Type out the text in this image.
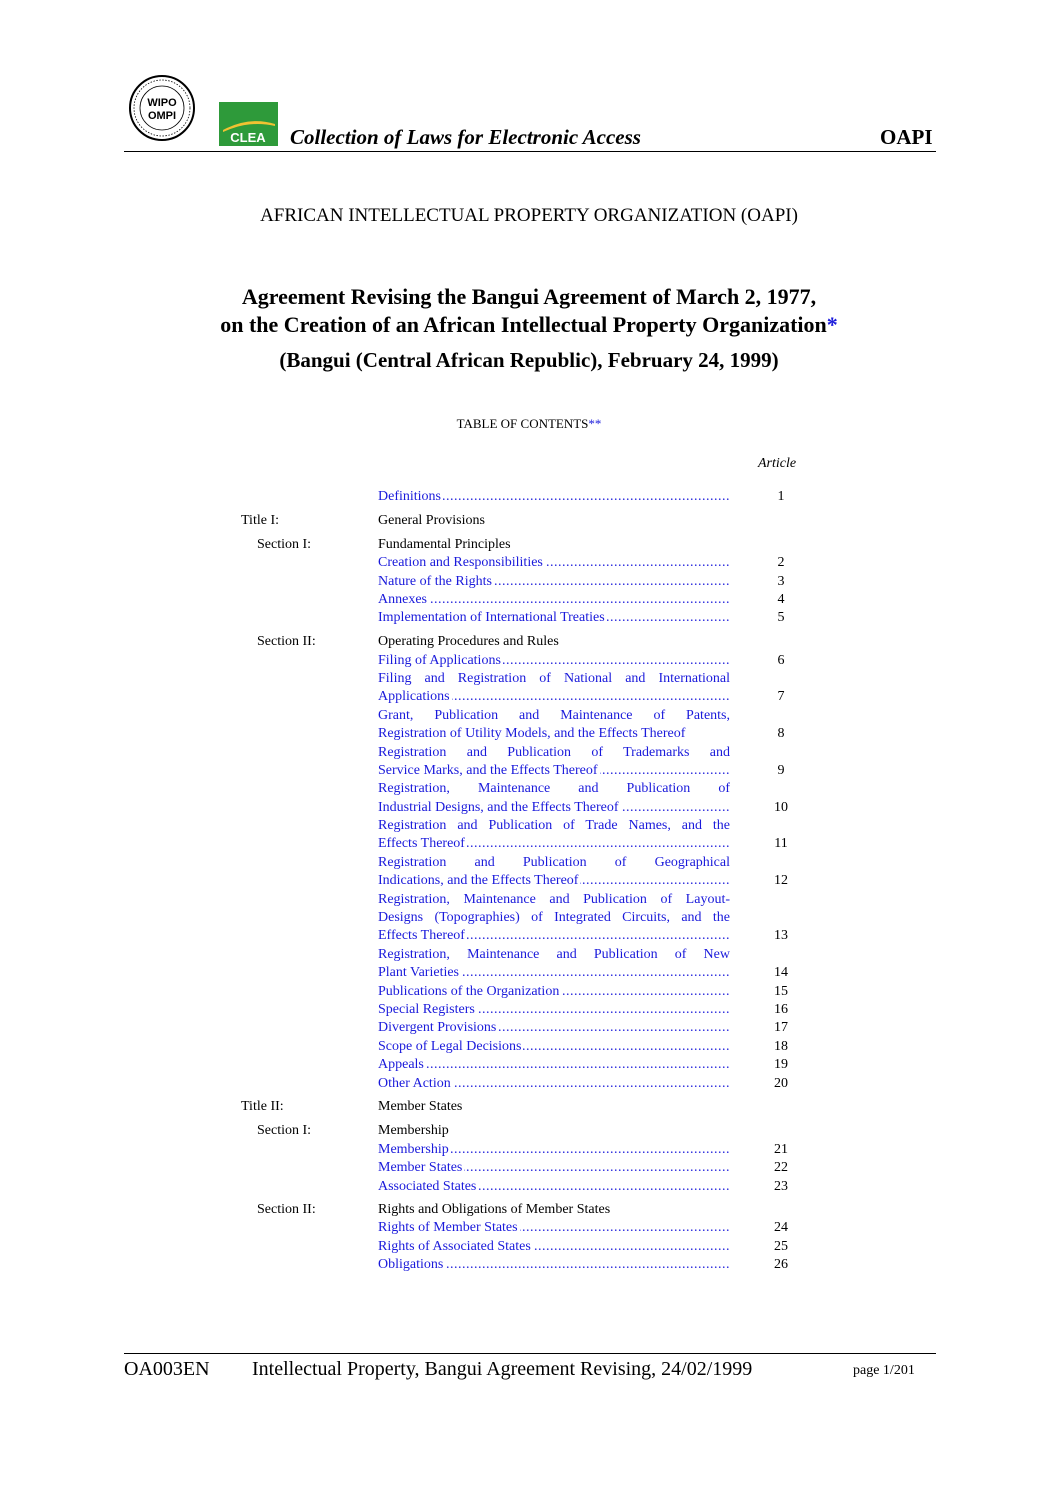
WIPO
OMPI
CLEA Collection of Laws for Electronic Access	OAPI
AFRICAN INTELLECTUAL PROPERTY ORGANIZATION (OAPI)
Agreement Revising the Bangui Agreement of March 2, 1977,
on the Creation of an African Intellectual Property Organization*
(Bangui (Central African Republic), February 24, 1999)
TABLE OF CONTENTS**
Article
Definitions .....	1
Title I:	General Provisions
Section I:	Fundamental Principles
Creation and Responsibilities .....	2
Nature of the Rights .....	3
Annexes .....	4
Implementation of International Treaties .....	5
Section II:	Operating Procedures and Rules
Filing of Applications .....	6
Filing and Registration of National and International
Applications .....	7
Grant, Publication and Maintenance of Patents,
Registration of Utility Models, and the Effects Thereof	8
Registration and Publication of Trademarks and
Service Marks, and the Effects Thereof .....	9
Registration, Maintenance and Publication of
Industrial Designs, and the Effects Thereof .....	10
Registration and Publication of Trade Names, and the
Effects Thereof .....	11
Registration and Publication of Geographical
Indications, and the Effects Thereof .....	12
Registration, Maintenance and Publication of Layout-
Designs (Topographies) of Integrated Circuits, and the
Effects Thereof .....	13
Registration, Maintenance and Publication of New
Plant Varieties .....	14
Publications of the Organization .....	15
Special Registers .....	16
Divergent Provisions .....	17
Scope of Legal Decisions .....	18
Appeals .....	19
Other Action .....	20
Title II:	Member States
Section I:	Membership
Membership .....	21
Member States .....	22
Associated States .....	23
Section II:	Rights and Obligations of Member States
Rights of Member States .....	24
Rights of Associated States .....	25
Obligations .....	26
OA003EN Intellectual Property, Bangui Agreement Revising, 24/02/1999	page 1/201
